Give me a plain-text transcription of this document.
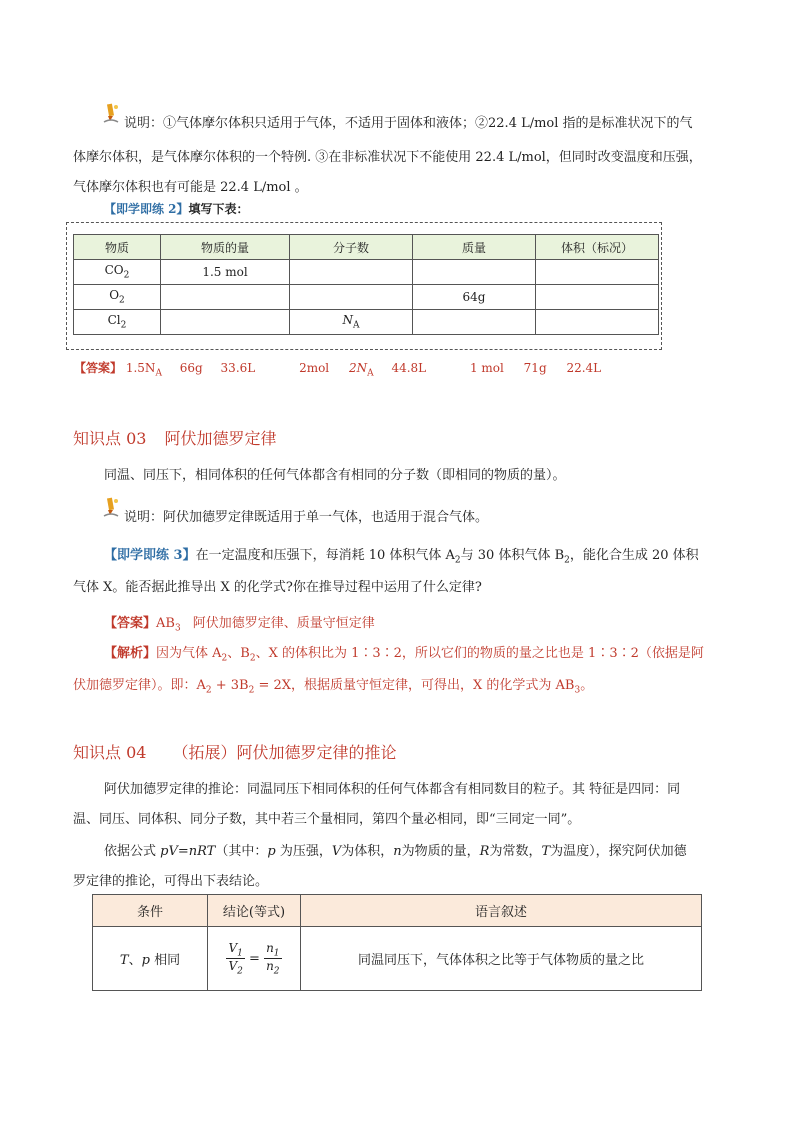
说明：①气体摩尔体积只适用于气体，不适用于固体和液体；②22.4 L/mol 指的是标准状况下的气
体摩尔体积，是气体摩尔体积的一个特例. ③在非标准状况下不能使用 22.4 L/mol，但同时改变温度和压强，
气体摩尔体积也有可能是 22.4 L/mol 。
【即学即练 2】填写下表：
物质	物质的量	分子数	质量	体积（标况）
$CO_2$	1.5 mol			
$O_2$			64g	
$Cl_2$		$N_A$		
【答案】 $1.5N_A$ 66g 33.6L	2mol $2N_A$ 44.8L	1 mol 71g 22.4L
知识点 03 阿伏加德罗定律
同温、同压下，相同体积的任何气体都含有相同的分子数（即相同的物质的量）。
说明：阿伏加德罗定律既适用于单一气体，也适用于混合气体。
【即学即练 3】在一定温度和压强下，每消耗 10 体积气体 $A_2$与 30 体积气体 $B_2$，能化合生成 20 体积
气体 X。能否据此推导出 X 的化学式?你在推导过程中运用了什么定律?
【答案】$AB_3$ 阿伏加德罗定律、质量守恒定律
【解析】因为气体 $A_2$、$B_2$、X 的体积比为 1∶3∶2，所以它们的物质的量之比也是 1∶3∶2（依据是阿
伏加德罗定律）。即：$A_2 + 3B_2 = 2X$，根据质量守恒定律，可得出，X 的化学式为 $AB_3$。
知识点 04 （拓展）阿伏加德罗定律的推论
阿伏加德罗定律的推论：同温同压下相同体积的任何气体都含有相同数目的粒子。其 特征是四同：同
温、同压、同体积、同分子数，其中若三个量相同，第四个量必相同，即“三同定一同”。
依据公式 pV=nRT（其中：p 为压强，V为体积，n为物质的量，R为常数，T为温度），探究阿伏加德
罗定律的推论，可得出下表结论。
条件	结论(等式)	语言叙述
T、p 相同	$\frac{V_1}{V_2} = \frac{n_1}{n_2}$	同温同压下，气体体积之比等于气体物质的量之比
